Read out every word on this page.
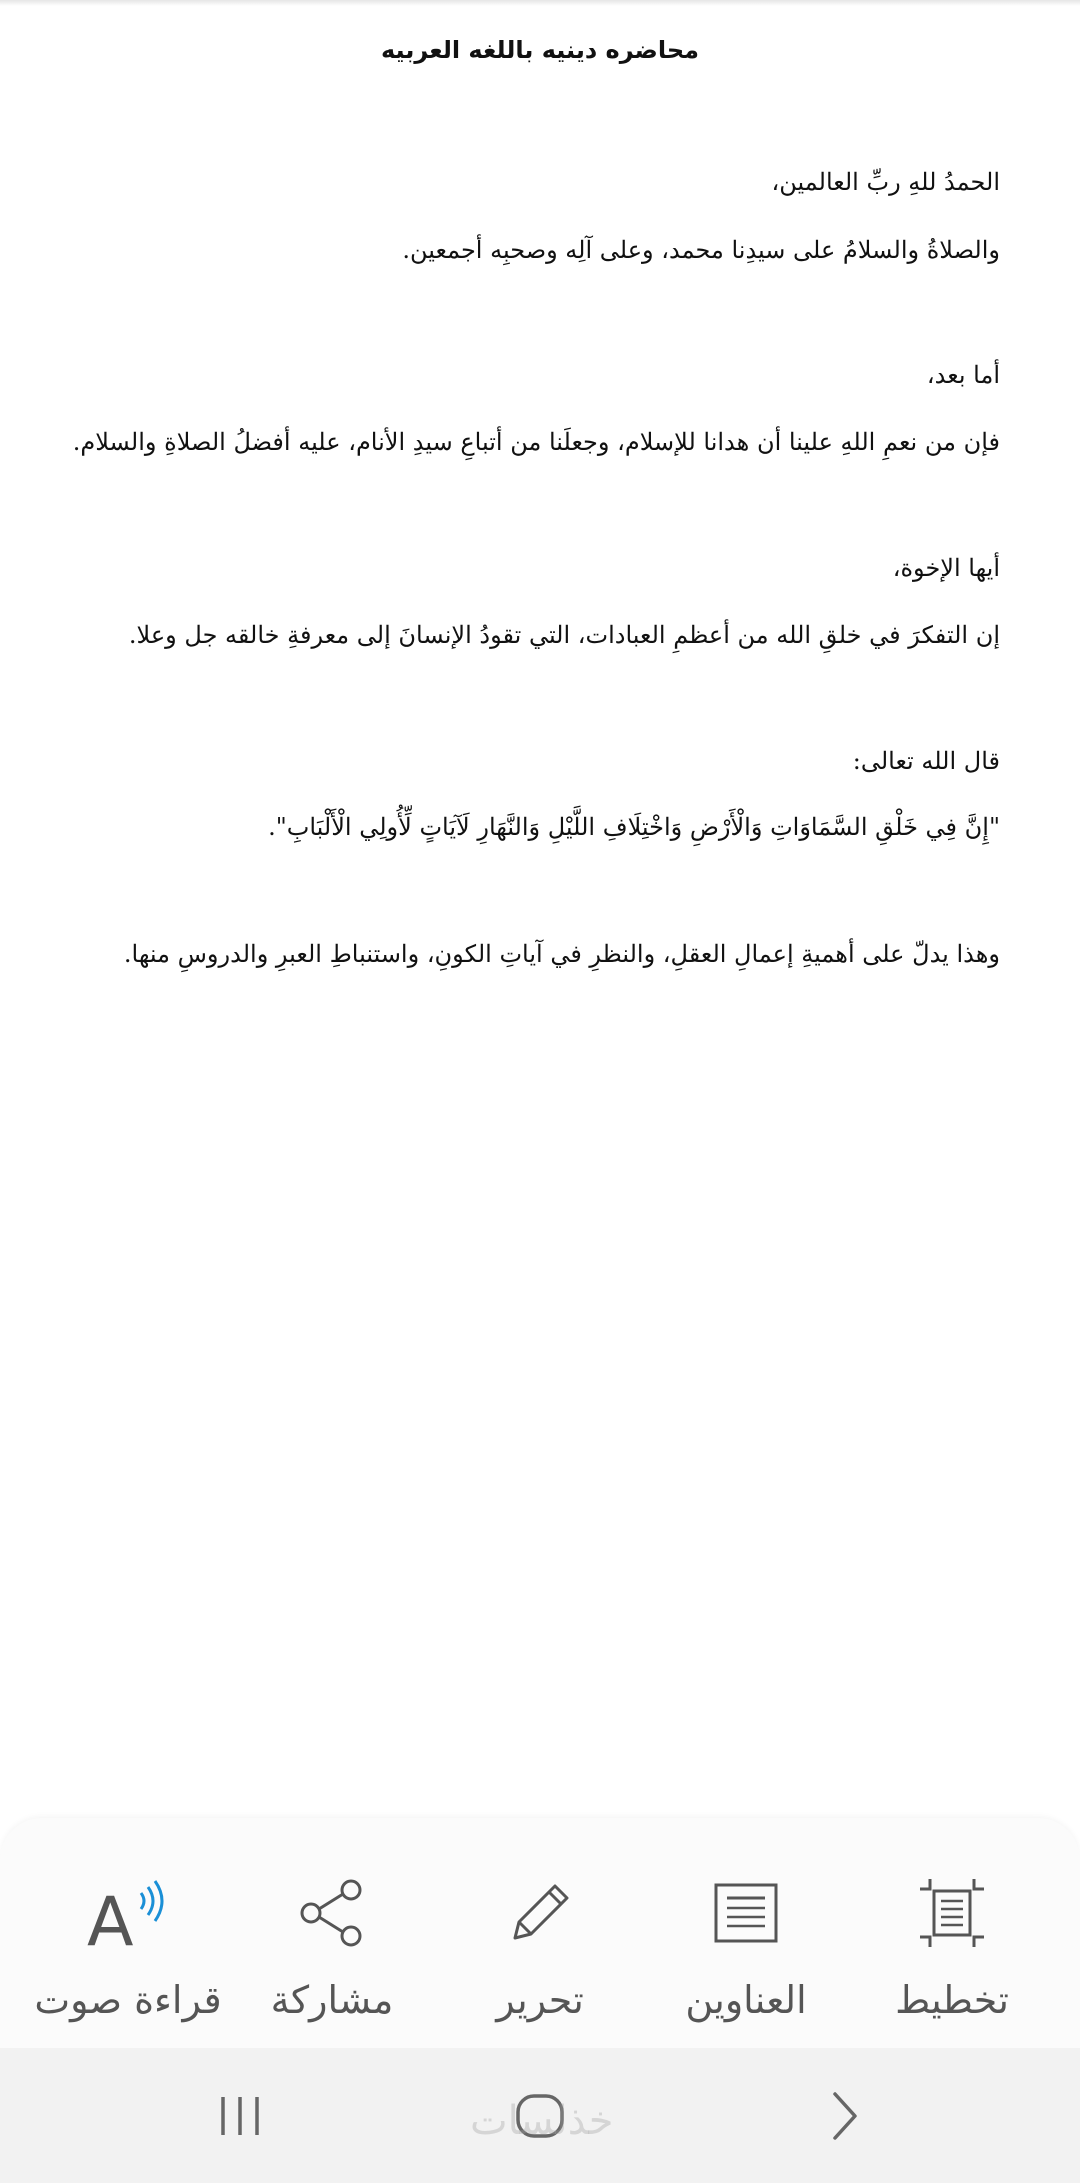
محاضره دينيه باللغه العربيه
الحمدُ للهِ ربِّ العالمين،
والصلاةُ والسلامُ على سيدِنا محمد، وعلى آلِه وصحبِه أجمعين.
أما بعد،
فإن من نعمِ اللهِ علينا أن هدانا للإسلام، وجعلَنا من أتباعِ سيدِ الأنام، عليه أفضلُ الصلاةِ والسلام.
أيها الإخوة،
إن التفكرَ في خلقِ الله من أعظمِ العبادات، التي تقودُ الإنسانَ إلى معرفةِ خالقه جل وعلا.
قال الله تعالى:
"إِنَّ فِي خَلْقِ السَّمَاوَاتِ وَالْأَرْضِ وَاخْتِلَافِ اللَّيْلِ وَالنَّهَارِ لَآيَاتٍ لِّأُولِي الْأَلْبَابِ".
وهذا يدلّ على أهميةِ إعمالِ العقلِ، والنظرِ في آياتِ الكونِ، واستنباطِ العبرِ والدروسِ منها.
A
قراءة صوت	مشاركة	تحرير	العناوين	تخطيط
خذلسات
